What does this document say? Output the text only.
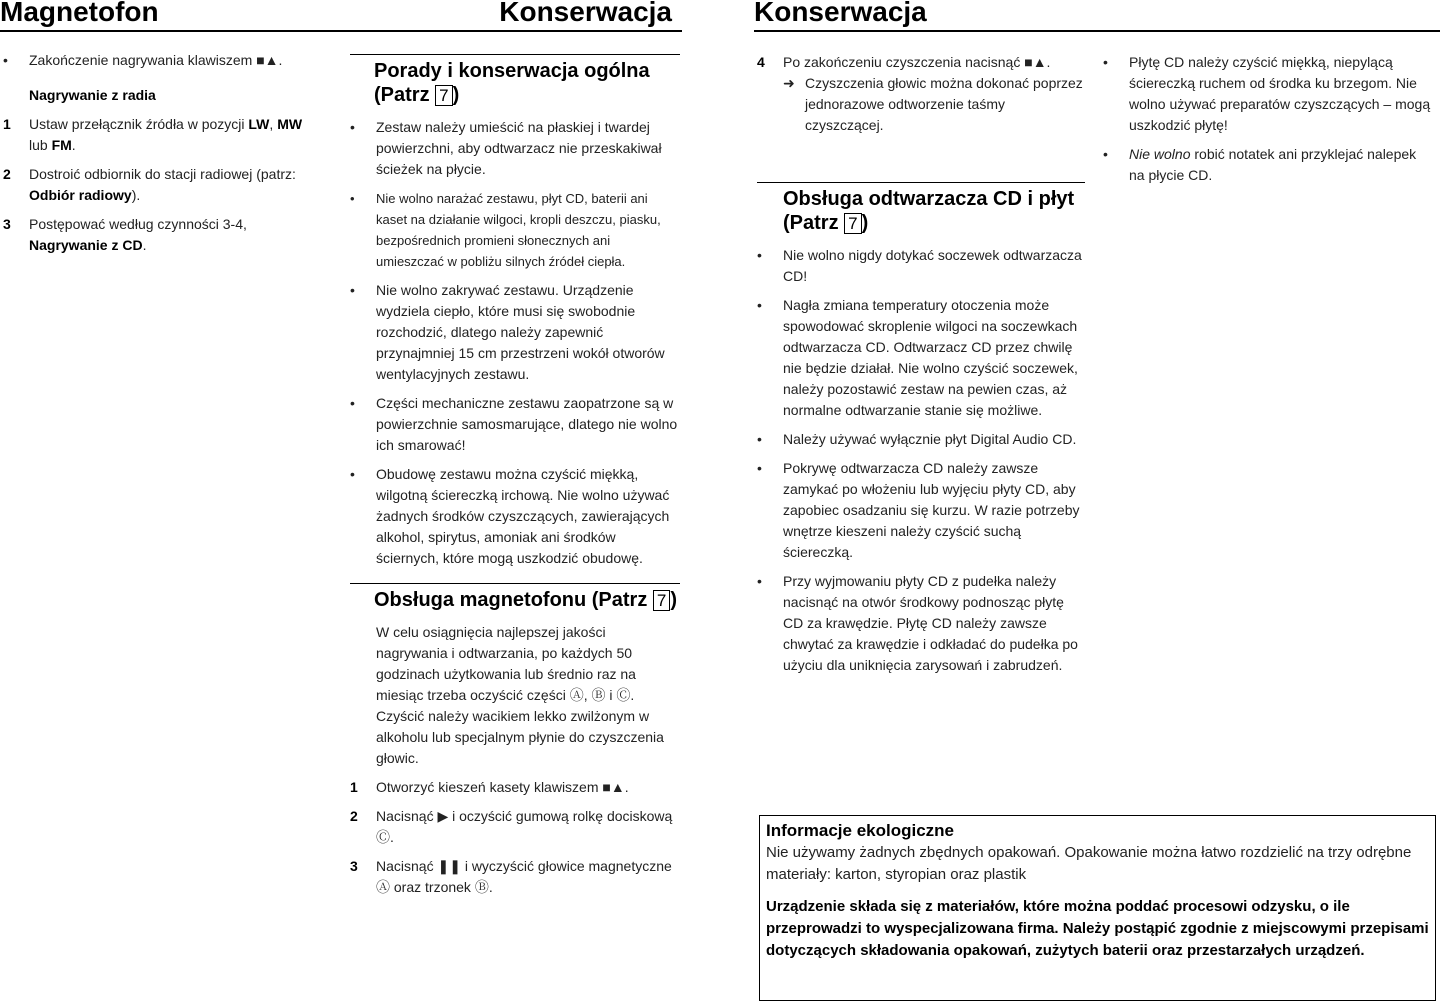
Magnetofon	Konserwacja	Konserwacja
• Zakończenie nagrywania klawiszem ■▲.
Nagrywanie z radia
1 Ustaw przełącznik źródła w pozycji LW, MW lub FM.
2 Dostroić odbiornik do stacji radiowej (patrz: Odbiór radiowy).
3 Postępować według czynności 3-4, Nagrywanie z CD.
Porady i konserwacja ogólna (Patrz 7 )
• Zestaw należy umieścić na płaskiej i twardej powierzchni, aby odtwarzacz nie przeskakiwał ścieżek na płycie.
• Nie wolno narażać zestawu, płyt CD, baterii ani kaset na działanie wilgoci, kropli deszczu, piasku, bezpośrednich promieni słonecznych ani umieszczać w pobliżu silnych źródeł ciepła.
• Nie wolno zakrywać zestawu. Urządzenie wydziela ciepło, które musi się swobodnie rozchodzić, dlatego należy zapewnić przynajmniej 15 cm przestrzeni wokół otworów wentylacyjnych zestawu.
• Części mechaniczne zestawu zaopatrzone są w powierzchnie samosmarujące, dlatego nie wolno ich smarować!
• Obudowę zestawu można czyścić miękką, wilgotną ściereczką irchową. Nie wolno używać żadnych środków czyszczących, zawierających alkohol, spirytus, amoniak ani środków ściernych, które mogą uszkodzić obudowę.
Obsługa magnetofonu (Patrz 7 )
W celu osiągnięcia najlepszej jakości nagrywania i odtwarzania, po każdych 50 godzinach użytkowania lub średnio raz na miesiąc trzeba oczyścić części Ⓐ, Ⓑ i Ⓒ. Czyścić należy wacikiem lekko zwilżonym w alkoholu lub specjalnym płynie do czyszczenia głowic.
1 Otworzyć kieszeń kasety klawiszem ■▲.
2 Nacisnąć ▶ i oczyścić gumową rolkę dociskową Ⓒ.
3 Nacisnąć ❚❚ i wyczyścić głowice magnetyczne Ⓐ oraz trzonek Ⓑ.
4 Po zakończeniu czyszczenia nacisnąć ■▲.
➜ Czyszczenia głowic można dokonać poprzez jednorazowe odtworzenie taśmy czyszczącej.
Obsługa odtwarzacza CD i płyt (Patrz 7 )
• Nie wolno nigdy dotykać soczewek odtwarzacza CD!
• Nagła zmiana temperatury otoczenia może spowodować skroplenie wilgoci na soczewkach odtwarzacza CD. Odtwarzacz CD przez chwilę nie będzie działał. Nie wolno czyścić soczewek, należy pozostawić zestaw na pewien czas, aż normalne odtwarzanie stanie się możliwe.
• Należy używać wyłącznie płyt Digital Audio CD.
• Pokrywę odtwarzacza CD należy zawsze zamykać po włożeniu lub wyjęciu płyty CD, aby zapobiec osadzaniu się kurzu. W razie potrzeby wnętrze kieszeni należy czyścić suchą ściereczką.
• Przy wyjmowaniu płyty CD z pudełka należy nacisnąć na otwór środkowy podnosząc płytę CD za krawędzie. Płytę CD należy zawsze chwytać za krawędzie i odkładać do pudełka po użyciu dla uniknięcia zarysowań i zabrudzeń.
• Płytę CD należy czyścić miękką, niepylącą ściereczką ruchem od środka ku brzegom. Nie wolno używać preparatów czyszczących – mogą uszkodzić płytę!
• Nie wolno robić notatek ani przyklejać nalepek na płycie CD.
Informacje ekologiczne
Nie używamy żadnych zbędnych opakowań. Opakowanie można łatwo rozdzielić na trzy odrębne materiały: karton, styropian oraz plastik
Urządzenie składa się z materiałów, które można poddać procesowi odzysku, o ile przeprowadzi to wyspecjalizowana firma. Należy postąpić zgodnie z miejscowymi przepisami dotyczących składowania opakowań, zużytych baterii oraz przestarzałych urządzeń.
